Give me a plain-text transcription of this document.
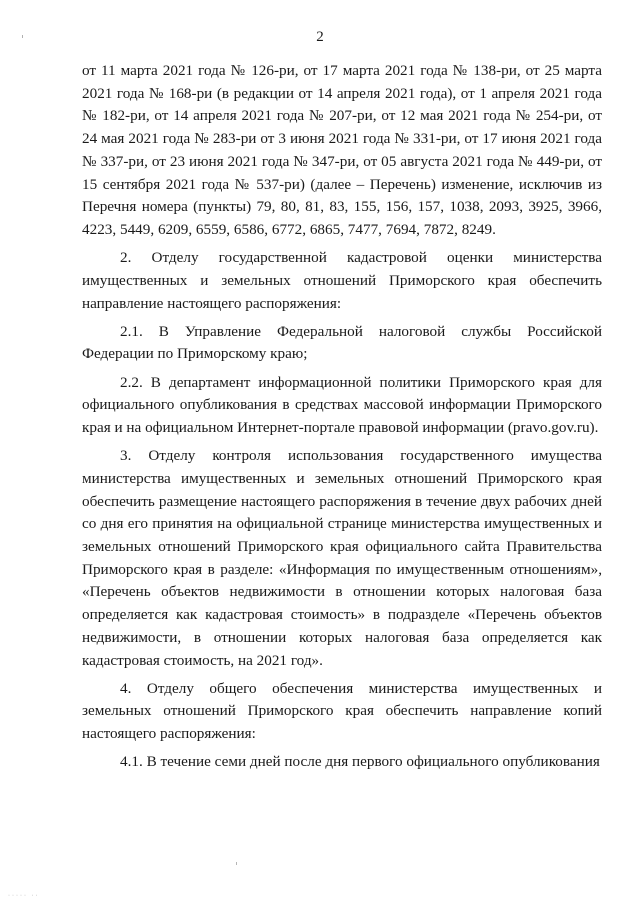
2

от 11 марта 2021 года № 126-ри, от 17 марта 2021 года № 138-ри, от 25 марта 2021 года № 168-ри (в редакции от 14 апреля 2021 года), от 1 апреля 2021 года № 182-ри, от 14 апреля 2021 года № 207-ри, от 12 мая 2021 года № 254-ри, от 24 мая 2021 года № 283-ри от 3 июня 2021 года № 331-ри, от 17 июня 2021 года № 337-ри, от 23 июня 2021 года № 347-ри, от 05 августа 2021 года № 449-ри, от 15 сентября 2021 года № 537-ри) (далее – Перечень) изменение, исключив из Перечня номера (пункты) 79, 80, 81, 83, 155, 156, 157, 1038, 2093, 3925, 3966, 4223, 5449, 6209, 6559, 6586, 6772, 6865, 7477, 7694, 7872, 8249.

2. Отделу государственной кадастровой оценки министерства имущественных и земельных отношений Приморского края обеспечить направление настоящего распоряжения:

2.1. В Управление Федеральной налоговой службы Российской Федерации по Приморскому краю;

2.2. В департамент информационной политики Приморского края для официального опубликования в средствах массовой информации Приморского края и на официальном Интернет-портале правовой информации (pravo.gov.ru).

3. Отделу контроля использования государственного имущества министерства имущественных и земельных отношений Приморского края обеспечить размещение настоящего распоряжения в течение двух рабочих дней со дня его принятия на официальной странице министерства имущественных и земельных отношений Приморского края официального сайта Правительства Приморского края в разделе: «Информация по имущественным отношениям», «Перечень объектов недвижимости в отношении которых налоговая база определяется как кадастровая стоимость» в подразделе «Перечень объектов недвижимости, в отношении которых налоговая база определяется как кадастровая стоимость, на 2021 год».

4. Отделу общего обеспечения министерства имущественных и земельных отношений Приморского края обеспечить направление копий настоящего распоряжения:

4.1. В течение семи дней после дня первого официального опубликования

····· ··
